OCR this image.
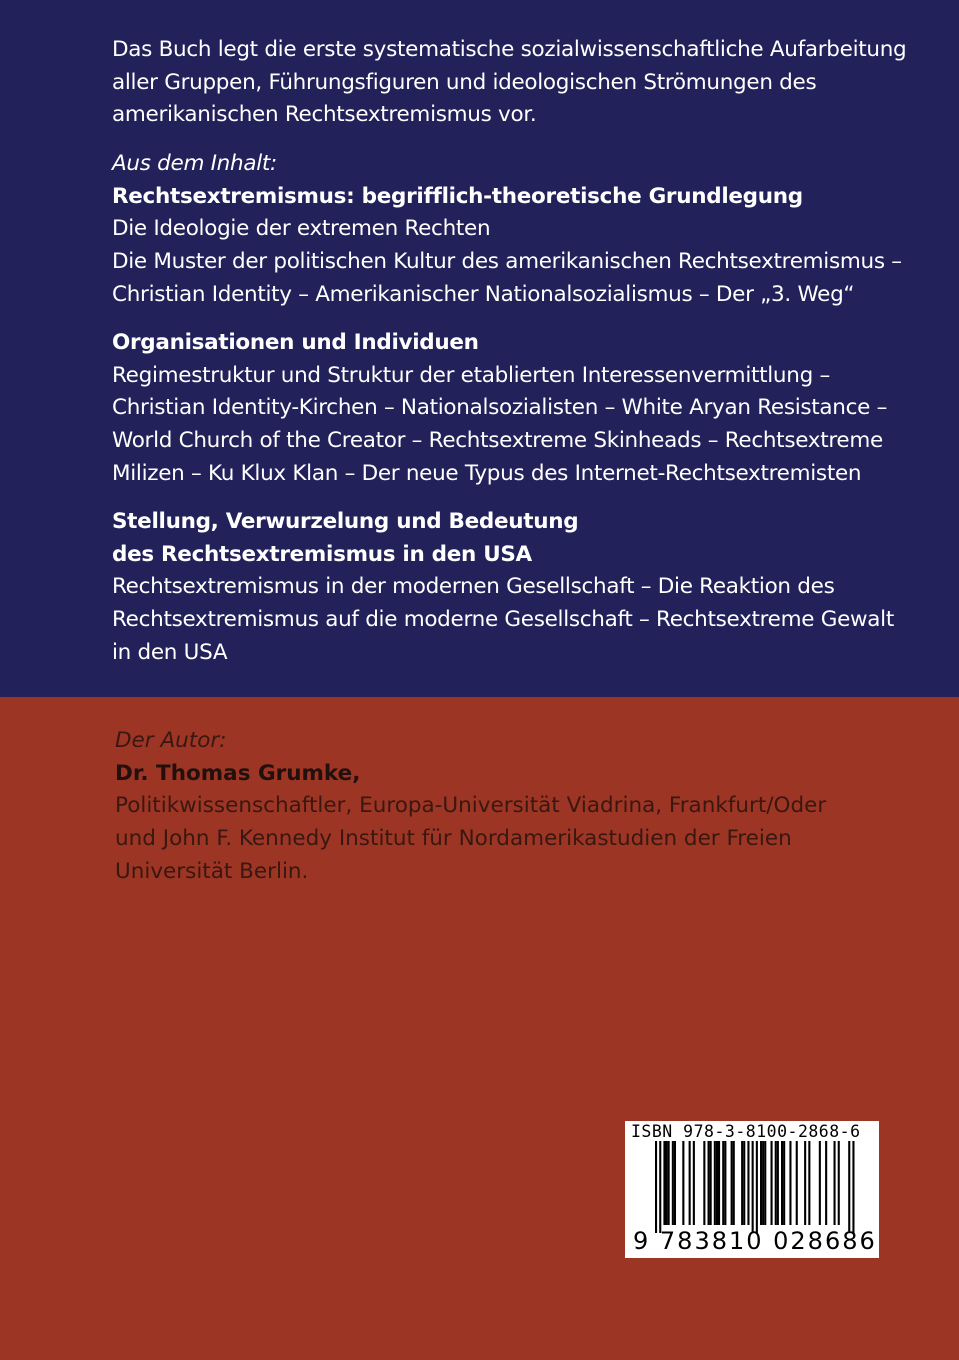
Das Buch legt die erste systematische sozialwissenschaftliche Aufarbeitung
aller Gruppen, Führungsfiguren und ideologischen Strömungen des
amerikanischen Rechtsextremismus vor.
Aus dem Inhalt:
Rechtsextremismus: begrifflich-theoretische Grundlegung
Die Ideologie der extremen Rechten
Die Muster der politischen Kultur des amerikanischen Rechtsextremismus –
Christian Identity – Amerikanischer Nationalsozialismus – Der „3. Weg“
Organisationen und Individuen
Regimestruktur und Struktur der etablierten Interessenvermittlung –
Christian Identity-Kirchen – Nationalsozialisten – White Aryan Resistance –
World Church of the Creator – Rechtsextreme Skinheads – Rechtsextreme
Milizen – Ku Klux Klan – Der neue Typus des Internet-Rechtsextremisten
Stellung, Verwurzelung und Bedeutung
des Rechtsextremismus in den USA
Rechtsextremismus in der modernen Gesellschaft – Die Reaktion des
Rechtsextremismus auf die moderne Gesellschaft – Rechtsextreme Gewalt
in den USA
Der Autor:
Dr. Thomas Grumke,
Politikwissenschaftler, Europa-Universität Viadrina, Frankfurt/Oder
und John F. Kennedy Institut für Nordamerikastudien der Freien
Universität Berlin.
ISBN 978-3-8100-2868-6
9 783810 028686
